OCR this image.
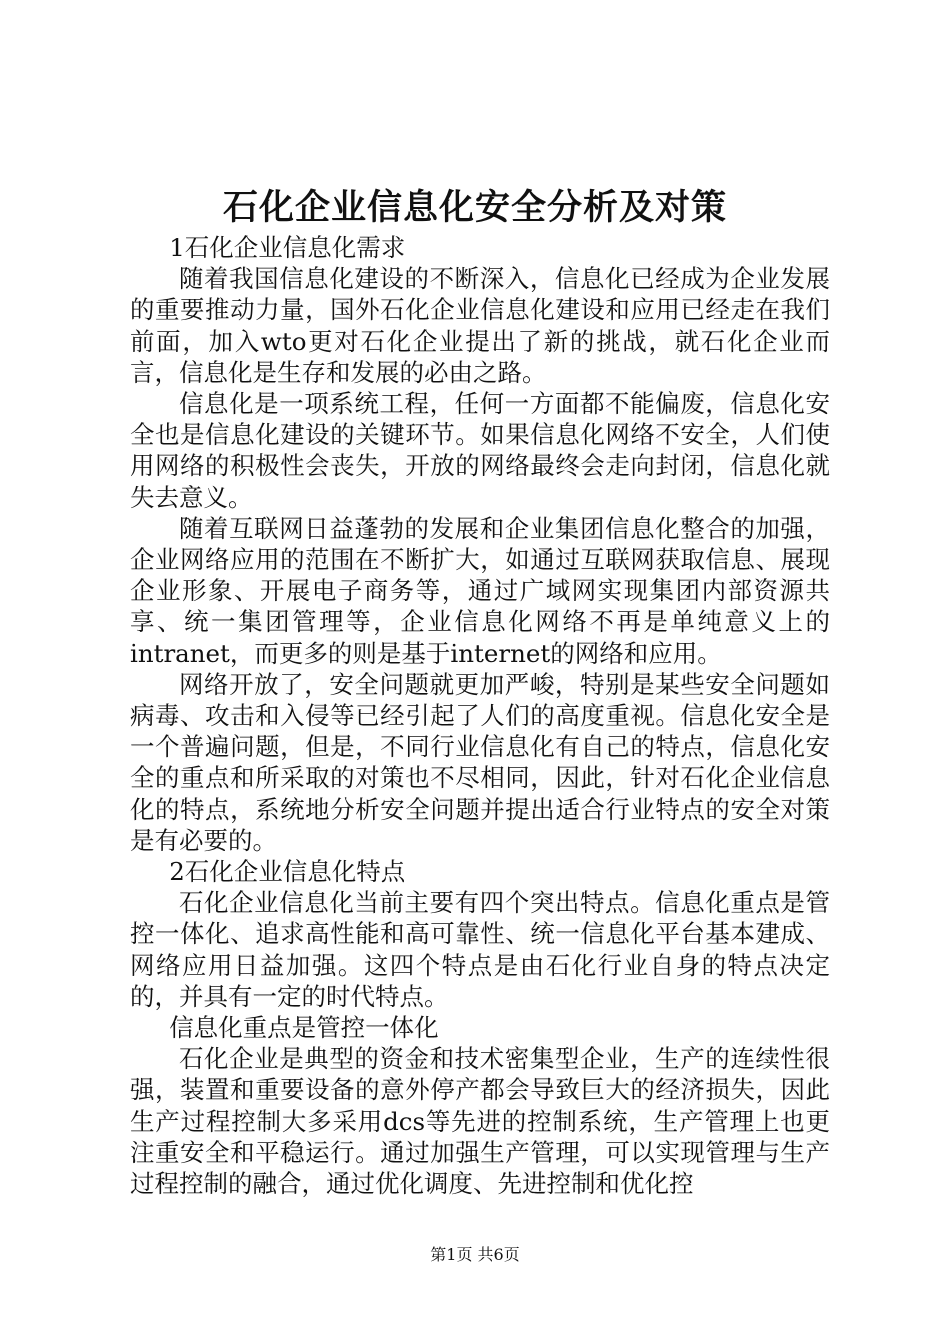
石化企业信息化安全分析及对策

1石化企业信息化需求

随着我国信息化建设的不断深入，信息化已经成为企业发展的重要推动力量，国外石化企业信息化建设和应用已经走在我们前面，加入wto更对石化企业提出了新的挑战，就石化企业而言，信息化是生存和发展的必由之路。

信息化是一项系统工程，任何一方面都不能偏废，信息化安全也是信息化建设的关键环节。如果信息化网络不安全，人们使用网络的积极性会丧失，开放的网络最终会走向封闭，信息化就失去意义。

随着互联网日益蓬勃的发展和企业集团信息化整合的加强，企业网络应用的范围在不断扩大，如通过互联网获取信息、展现企业形象、开展电子商务等，通过广域网实现集团内部资源共享、统一集团管理等，企业信息化网络不再是单纯意义上的intranet，而更多的则是基于internet的网络和应用。

网络开放了，安全问题就更加严峻，特别是某些安全问题如病毒、攻击和入侵等已经引起了人们的高度重视。信息化安全是一个普遍问题，但是，不同行业信息化有自己的特点，信息化安全的重点和所采取的对策也不尽相同，因此，针对石化企业信息化的特点，系统地分析安全问题并提出适合行业特点的安全对策是有必要的。

2石化企业信息化特点

石化企业信息化当前主要有四个突出特点。信息化重点是管控一体化、追求高性能和高可靠性、统一信息化平台基本建成、网络应用日益加强。这四个特点是由石化行业自身的特点决定的，并具有一定的时代特点。

信息化重点是管控一体化

石化企业是典型的资金和技术密集型企业，生产的连续性很强，装置和重要设备的意外停产都会导致巨大的经济损失，因此生产过程控制大多采用dcs等先进的控制系统，生产管理上也更注重安全和平稳运行。通过加强生产管理，可以实现管理与生产过程控制的融合，通过优化调度、先进控制和优化控

第1页 共6页
